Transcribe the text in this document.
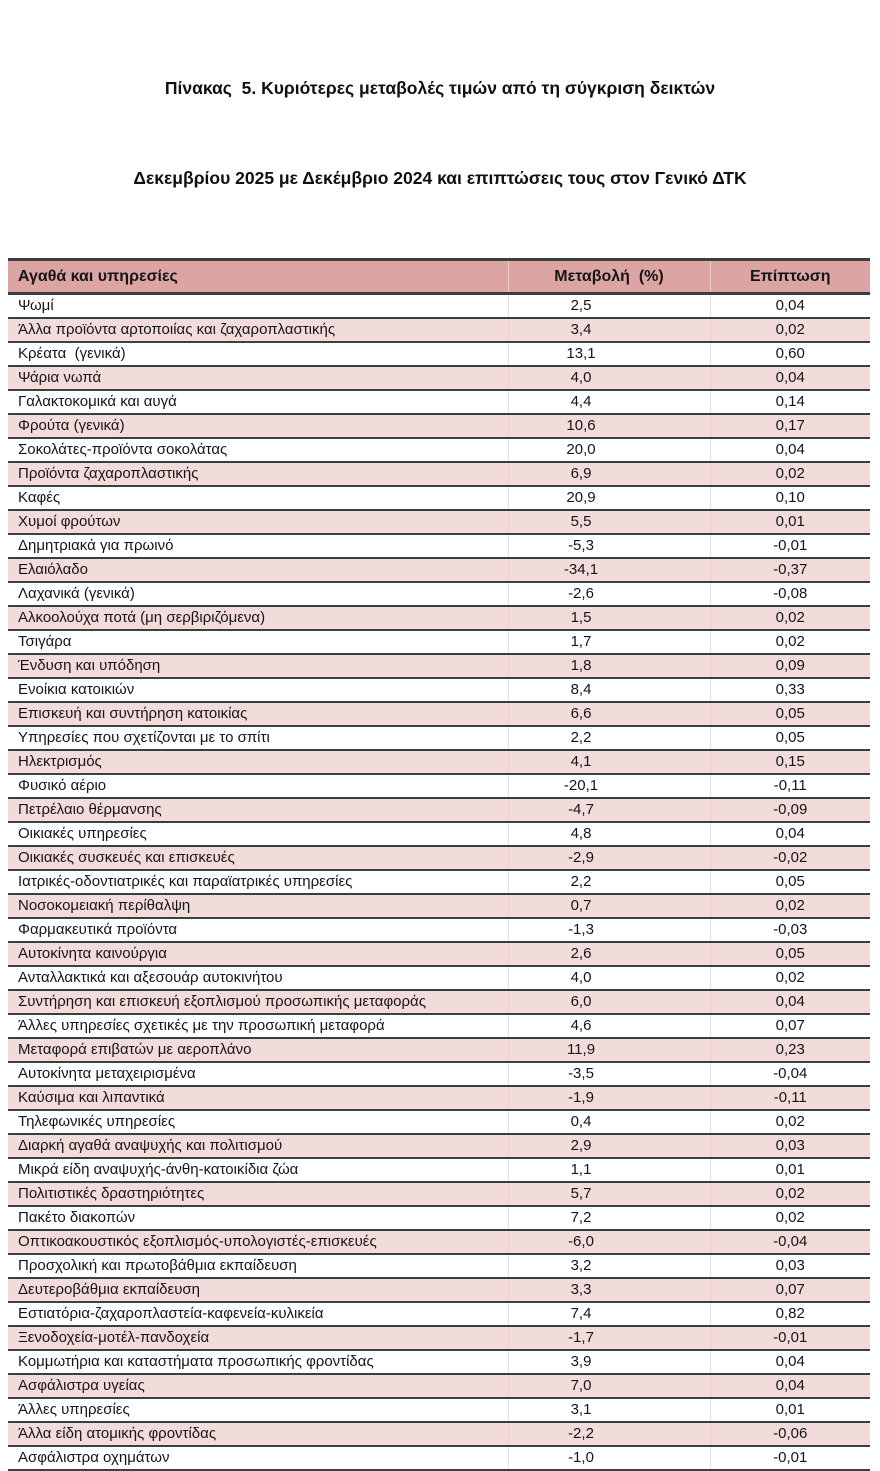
Πίνακας  5. Κυριότερες μεταβολές τιμών από τη σύγκριση δεικτών

Δεκεμβρίου 2025 με Δεκέμβριο 2024 και επιπτώσεις τους στον Γενικό ΔΤΚ

Αγαθά και υπηρεσίες	Μεταβολή  (%)	Επίπτωση
Ψωμί	2,5	0,04
Άλλα προϊόντα αρτοποιίας και ζαχαροπλαστικής	3,4	0,02
Κρέατα  (γενικά)	13,1	0,60
Ψάρια νωπά	4,0	0,04
Γαλακτοκομικά και αυγά	4,4	0,14
Φρούτα (γενικά)	10,6	0,17
Σοκολάτες-προϊόντα σοκολάτας	20,0	0,04
Προϊόντα ζαχαροπλαστικής	6,9	0,02
Καφές	20,9	0,10
Χυμοί φρούτων	5,5	0,01
Δημητριακά για πρωινό	-5,3	-0,01
Ελαιόλαδο	-34,1	-0,37
Λαχανικά (γενικά)	-2,6	-0,08
Αλκοολούχα ποτά (μη σερβιριζόμενα)	1,5	0,02
Τσιγάρα	1,7	0,02
Ένδυση και υπόδηση	1,8	0,09
Ενοίκια κατοικιών	8,4	0,33
Επισκευή και συντήρηση κατοικίας	6,6	0,05
Υπηρεσίες που σχετίζονται με το σπίτι	2,2	0,05
Ηλεκτρισμός	4,1	0,15
Φυσικό αέριο	-20,1	-0,11
Πετρέλαιο θέρμανσης	-4,7	-0,09
Οικιακές υπηρεσίες	4,8	0,04
Οικιακές συσκευές και επισκευές	-2,9	-0,02
Ιατρικές-οδοντιατρικές και παραϊατρικές υπηρεσίες	2,2	0,05
Νοσοκομειακή περίθαλψη	0,7	0,02
Φαρμακευτικά προϊόντα	-1,3	-0,03
Αυτοκίνητα καινούργια	2,6	0,05
Ανταλλακτικά και αξεσουάρ αυτοκινήτου	4,0	0,02
Συντήρηση και επισκευή εξοπλισμού προσωπικής μεταφοράς	6,0	0,04
Άλλες υπηρεσίες σχετικές με την προσωπική μεταφορά	4,6	0,07
Μεταφορά επιβατών με αεροπλάνο	11,9	0,23
Αυτοκίνητα μεταχειρισμένα	-3,5	-0,04
Καύσιμα και λιπαντικά	-1,9	-0,11
Τηλεφωνικές υπηρεσίες	0,4	0,02
Διαρκή αγαθά αναψυχής και πολιτισμού	2,9	0,03
Μικρά είδη αναψυχής-άνθη-κατοικίδια ζώα	1,1	0,01
Πολιτιστικές δραστηριότητες	5,7	0,02
Πακέτο διακοπών	7,2	0,02
Οπτικοακουστικός εξοπλισμός-υπολογιστές-επισκευές	-6,0	-0,04
Προσχολική και πρωτοβάθμια εκπαίδευση	3,2	0,03
Δευτεροβάθμια εκπαίδευση	3,3	0,07
Εστιατόρια-ζαχαροπλαστεία-καφενεία-κυλικεία	7,4	0,82
Ξενοδοχεία-μοτέλ-πανδοχεία	-1,7	-0,01
Κομμωτήρια και καταστήματα προσωπικής φροντίδας	3,9	0,04
Ασφάλιστρα υγείας	7,0	0,04
Άλλες υπηρεσίες	3,1	0,01
Άλλα είδη ατομικής φροντίδας	-2,2	-0,06
Ασφάλιστρα οχημάτων	-1,0	-0,01
